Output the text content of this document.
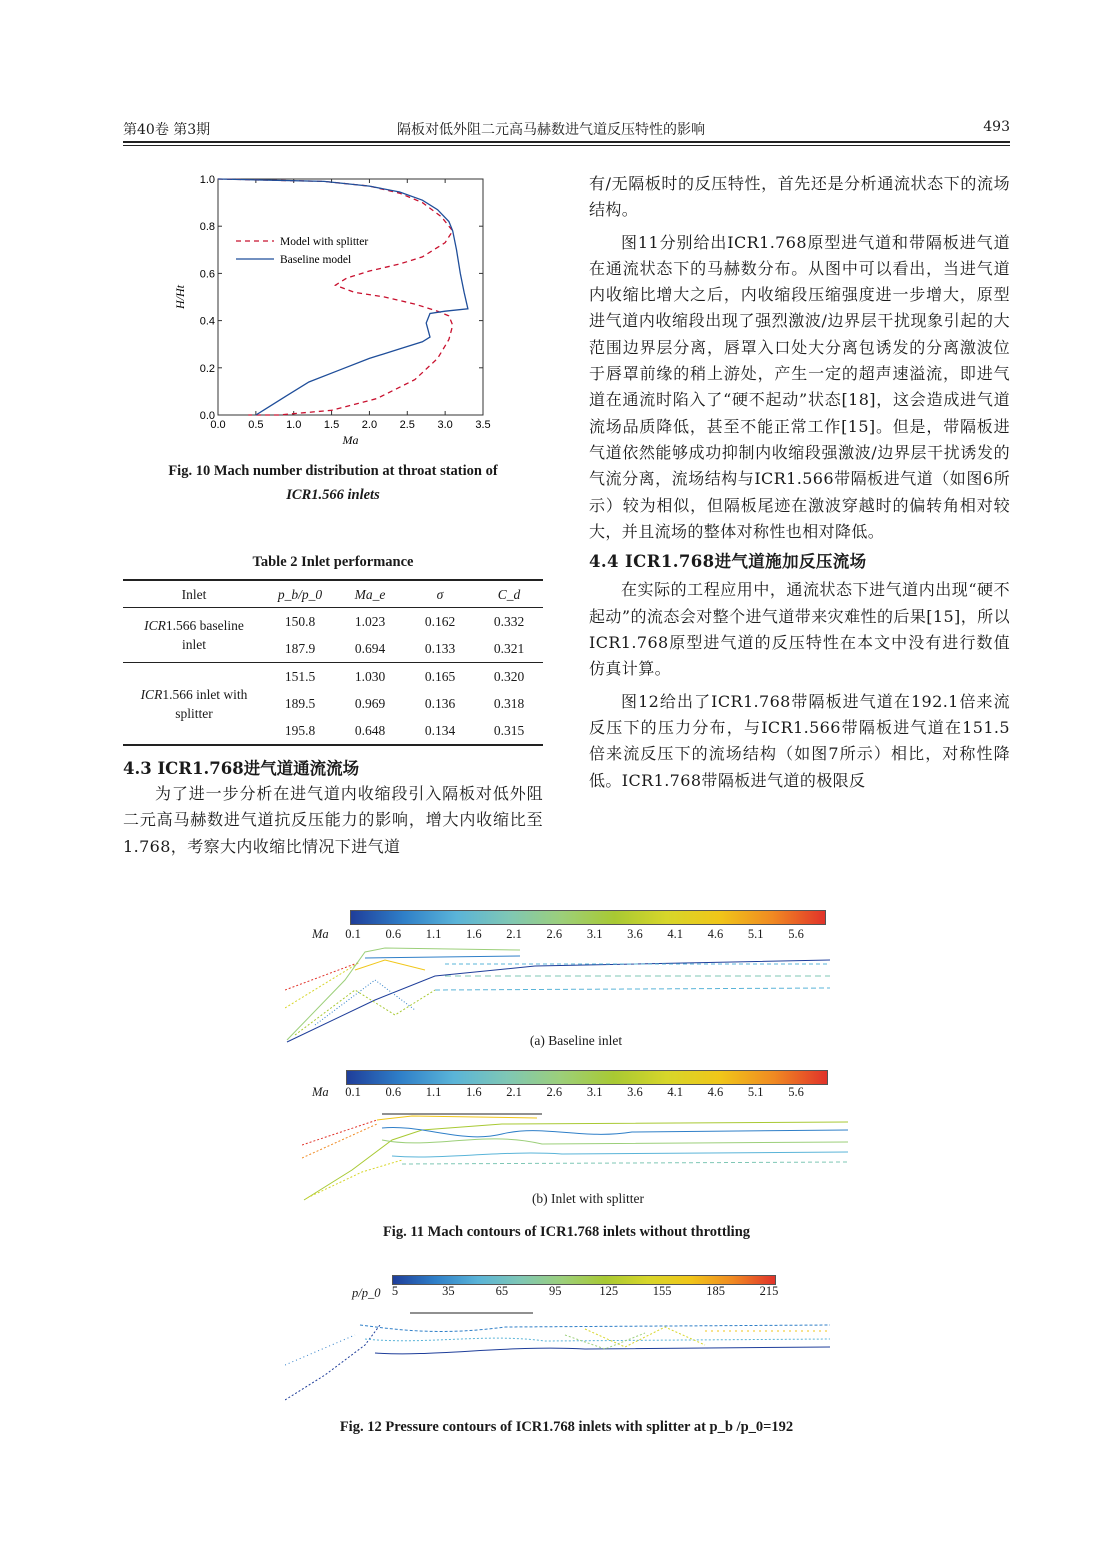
第40卷 第3期	隔板对低外阻二元高马赫数进气道反压特性的影响	493
0.0 0.5 1.0 1.5 2.0 2.5 3.0 3.5
0.0
0.2
0.4
0.6
0.8
1.0
Ma
H/Ht
Model with splitter
Baseline model
Fig. 10 Mach number distribution at throat station of
ICR1.566 inlets
Table 2 Inlet performance
Inlet	p_b/p_0	Ma_e	σ	C_d
ICR1.566 baseline
inlet
150.8	1.023	0.162	0.332
187.9	0.694	0.133	0.321
ICR1.566 inlet with
splitter
151.5	1.030	0.165	0.320
189.5	0.969	0.136	0.318
195.8	0.648	0.134	0.315
4.3 ICR1.768进气道通流流场

为了进一步分析在进气道内收缩段引入隔板对低外阻二元高马赫数进气道抗反压能力的影响，增大内收缩比至1.768，考察大内收缩比情况下进气道

有/无隔板时的反压特性，首先还是分析通流状态下的流场结构。

图11分别给出ICR1.768原型进气道和带隔板进气道在通流状态下的马赫数分布。从图中可以看出，当进气道内收缩比增大之后，内收缩段压缩强度进一步增大，原型进气道内收缩段出现了强烈激波/边界层干扰现象引起的大范围边界层分离，唇罩入口处大分离包诱发的分离激波位于唇罩前缘的稍上游处，产生一定的超声速溢流，即进气道在通流时陷入了“硬不起动”状态[18]，这会造成进气道流场品质降低，甚至不能正常工作[15]。但是，带隔板进气道依然能够成功抑制内收缩段强激波/边界层干扰诱发的气流分离，流场结构与ICR1.566带隔板进气道（如图6所示）较为相似，但隔板尾迹在激波穿越时的偏转角相对较大，并且流场的整体对称性也相对降低。

4.4 ICR1.768进气道施加反压流场

在实际的工程应用中，通流状态下进气道内出现“硬不起动”的流态会对整个进气道带来灾难性的后果[15]，所以ICR1.768原型进气道的反压特性在本文中没有进行数值仿真计算。

图12给出了ICR1.768带隔板进气道在192.1倍来流反压下的压力分布，与ICR1.566带隔板进气道在151.5倍来流反压下的流场结构（如图7所示）相比，对称性降低。ICR1.768带隔板进气道的极限反

Ma 0.1 0.6 1.1 1.6 2.1 2.6 3.1 3.6 4.1 4.6 5.1 5.6
(a) Baseline inlet
Ma 0.1 0.6 1.1 1.6 2.1 2.6 3.1 3.6 4.1 4.6 5.1 5.6
(b) Inlet with splitter
Fig. 11 Mach contours of ICR1.768 inlets without throttling
p/p_0 5	35	65	95	125	155	185	215
Fig. 12 Pressure contours of ICR1.768 inlets with splitter at p_b /p_0=192
